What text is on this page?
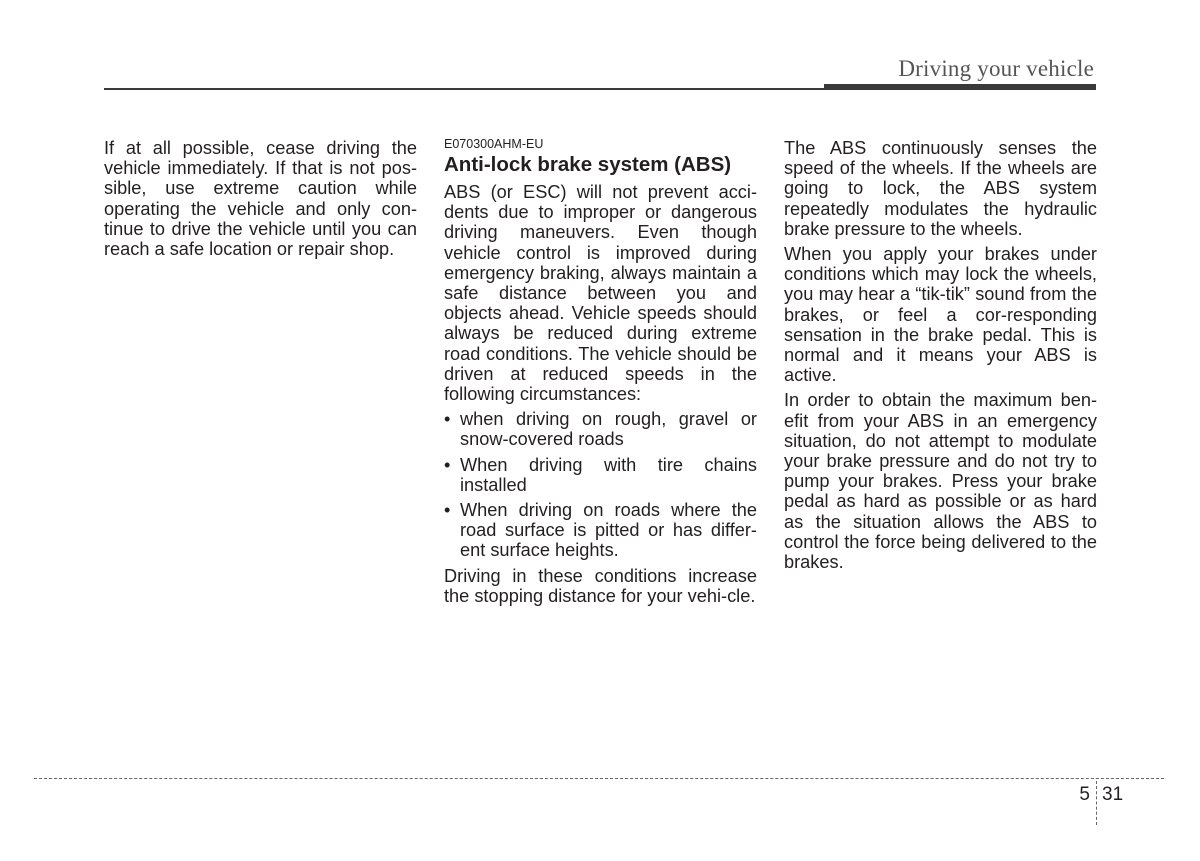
Driving your vehicle

If at all possible, cease driving the vehicle immediately. If that is not pos-sible, use extreme caution while operating the vehicle and only con-tinue to drive the vehicle until you can reach a safe location or repair shop.

E070300AHM-EU
Anti-lock brake system (ABS)

ABS (or ESC) will not prevent acci-dents due to improper or dangerous driving maneuvers. Even though vehicle control is improved during emergency braking, always maintain a safe distance between you and objects ahead. Vehicle speeds should always be reduced during extreme road conditions. The vehicle should be driven at reduced speeds in the following circumstances:

• when driving on rough, gravel or snow-covered roads
• When driving with tire chains installed
• When driving on roads where the road surface is pitted or has differ-ent surface heights.

Driving in these conditions increase the stopping distance for your vehi-cle.

The ABS continuously senses the speed of the wheels. If the wheels are going to lock, the ABS system repeatedly modulates the hydraulic brake pressure to the wheels.

When you apply your brakes under conditions which may lock the wheels, you may hear a “tik-tik” sound from the brakes, or feel a cor-responding sensation in the brake pedal. This is normal and it means your ABS is active.

In order to obtain the maximum ben-efit from your ABS in an emergency situation, do not attempt to modulate your brake pressure and do not try to pump your brakes. Press your brake pedal as hard as possible or as hard as the situation allows the ABS to control the force being delivered to the brakes.

5 31
